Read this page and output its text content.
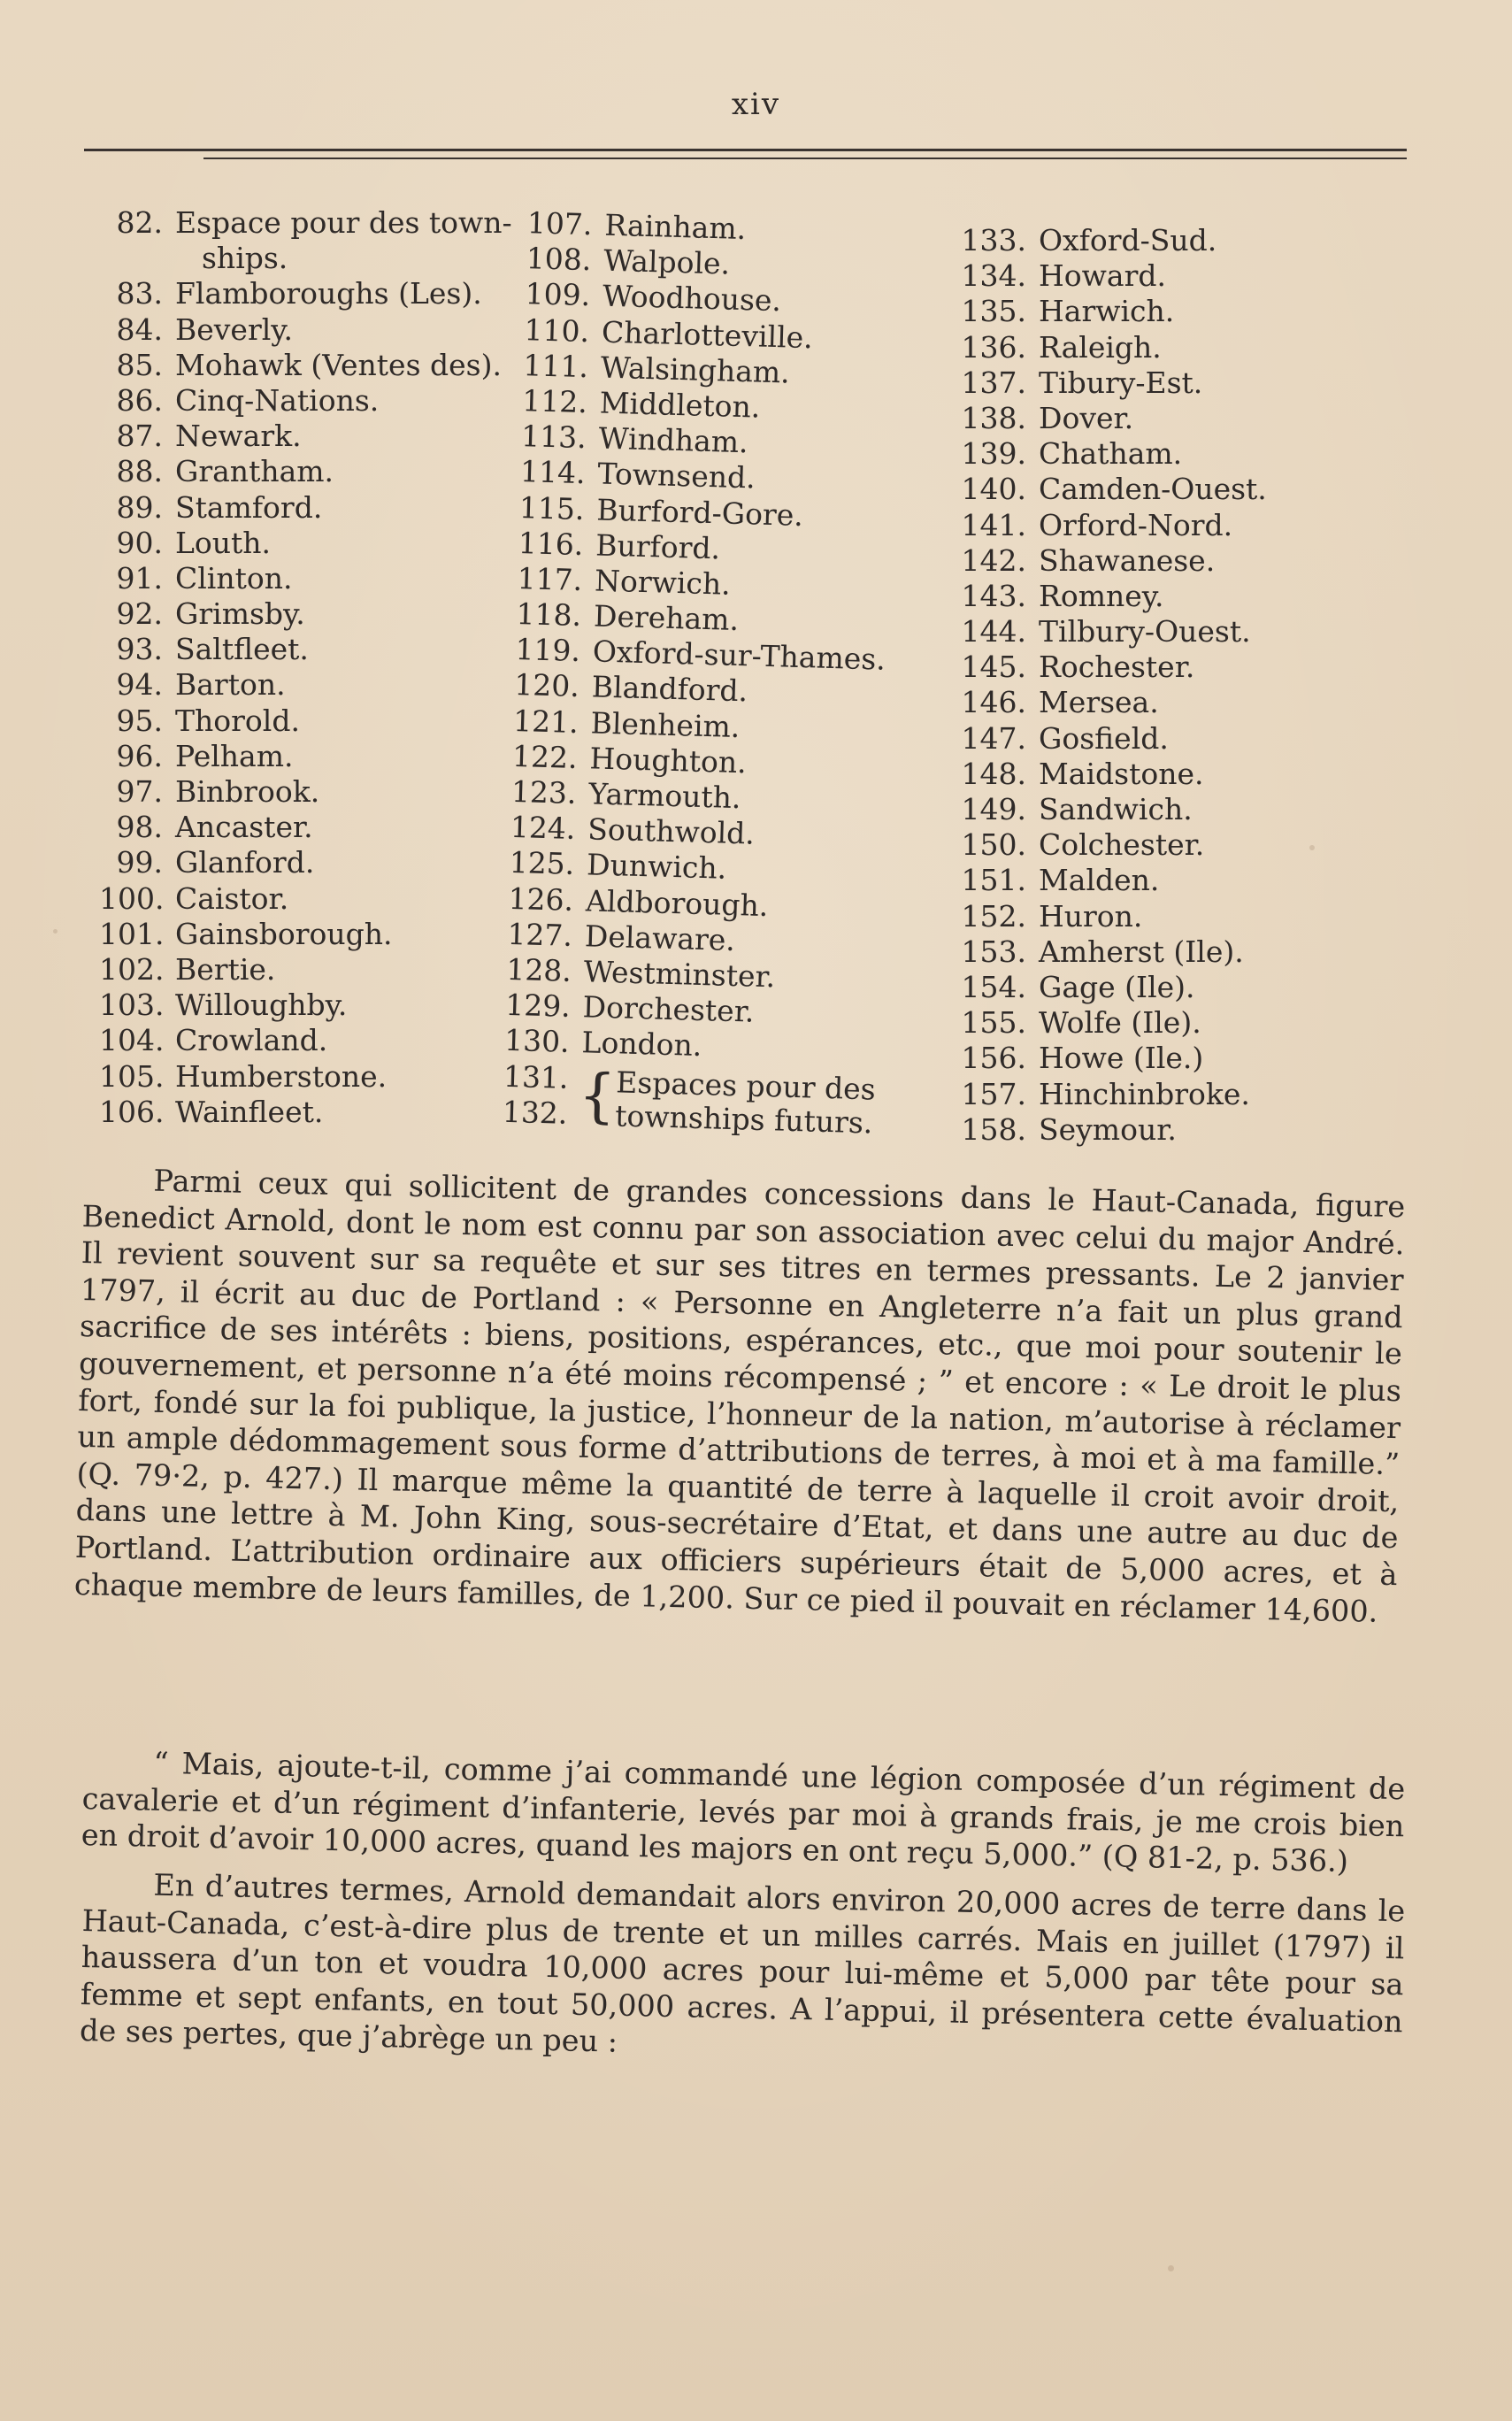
xiv
82. Espace pour des town-
ships.
83. Flamboroughs (Les).
84. Beverly.
85. Mohawk (Ventes des).
86. Cinq-Nations.
87. Newark.
88. Grantham.
89. Stamford.
90. Louth.
91. Clinton.
92. Grimsby.
93. Saltfleet.
94. Barton.
95. Thorold.
96. Pelham.
97. Binbrook.
98. Ancaster.
99. Glanford.
100. Caistor.
101. Gainsborough.
102. Bertie.
103. Willoughby.
104. Crowland.
105. Humberstone.
106. Wainfleet.
107. Rainham.
108. Walpole.
109. Woodhouse.
110. Charlotteville.
111. Walsingham.
112. Middleton.
113. Windham.
114. Townsend.
115. Burford-Gore.
116. Burford.
117. Norwich.
118. Dereham.
119. Oxford-sur-Thames.
120. Blandford.
121. Blenheim.
122. Houghton.
123. Yarmouth.
124. Southwold.
125. Dunwich.
126. Aldborough.
127. Delaware.
128. Westminster.
129. Dorchester.
130. London.
131.
132. {
Espaces pour des
townships futurs.
133. Oxford-Sud.
134. Howard.
135. Harwich.
136. Raleigh.
137. Tibury-Est.
138. Dover.
139. Chatham.
140. Camden-Ouest.
141. Orford-Nord.
142. Shawanese.
143. Romney.
144. Tilbury-Ouest.
145. Rochester.
146. Mersea.
147. Gosfield.
148. Maidstone.
149. Sandwich.
150. Colchester.
151. Malden.
152. Huron.
153. Amherst (Ile).
154. Gage (Ile).
155. Wolfe (Ile).
156. Howe (Ile.)
157. Hinchinbroke.
158. Seymour.

Parmi ceux qui sollicitent de grandes concessions dans le Haut-Canada, figure Benedict Arnold, dont le nom est connu par son association avec celui du major André. Il revient souvent sur sa requête et sur ses titres en termes pressants. Le 2 janvier 1797, il écrit au duc de Portland : « Personne en Angleterre n’a fait un plus grand sacrifice de ses intérêts : biens, positions, espérances, etc., que moi pour soutenir le gouvernement, et personne n’a été moins récompensé ; ” et encore : « Le droit le plus fort, fondé sur la foi publique, la justice, l’honneur de la nation, m’autorise à réclamer un ample dédommagement sous forme d’attributions de terres, à moi et à ma famille.” (Q. 79·2, p. 427.) Il marque même la quantité de terre à laquelle il croit avoir droit, dans une lettre à M. John King, sous-secrétaire d’Etat, et dans une autre au duc de Portland. L’attribution ordinaire aux officiers supérieurs était de 5,000 acres, et à chaque membre de leurs familles, de 1,200. Sur ce pied il pouvait en réclamer 14,600.

“ Mais, ajoute-t-il, comme j’ai commandé une légion composée d’un régiment de cavalerie et d’un régiment d’infanterie, levés par moi à grands frais, je me crois bien en droit d’avoir 10,000 acres, quand les majors en ont reçu 5,000.” (Q 81-2, p. 536.)

En d’autres termes, Arnold demandait alors environ 20,000 acres de terre dans le Haut-Canada, c’est-à-dire plus de trente et un milles carrés. Mais en juillet (1797) il haussera d’un ton et voudra 10,000 acres pour lui-même et 5,000 par tête pour sa femme et sept enfants, en tout 50,000 acres. A l’appui, il présentera cette évaluation de ses pertes, que j’abrège un peu :
